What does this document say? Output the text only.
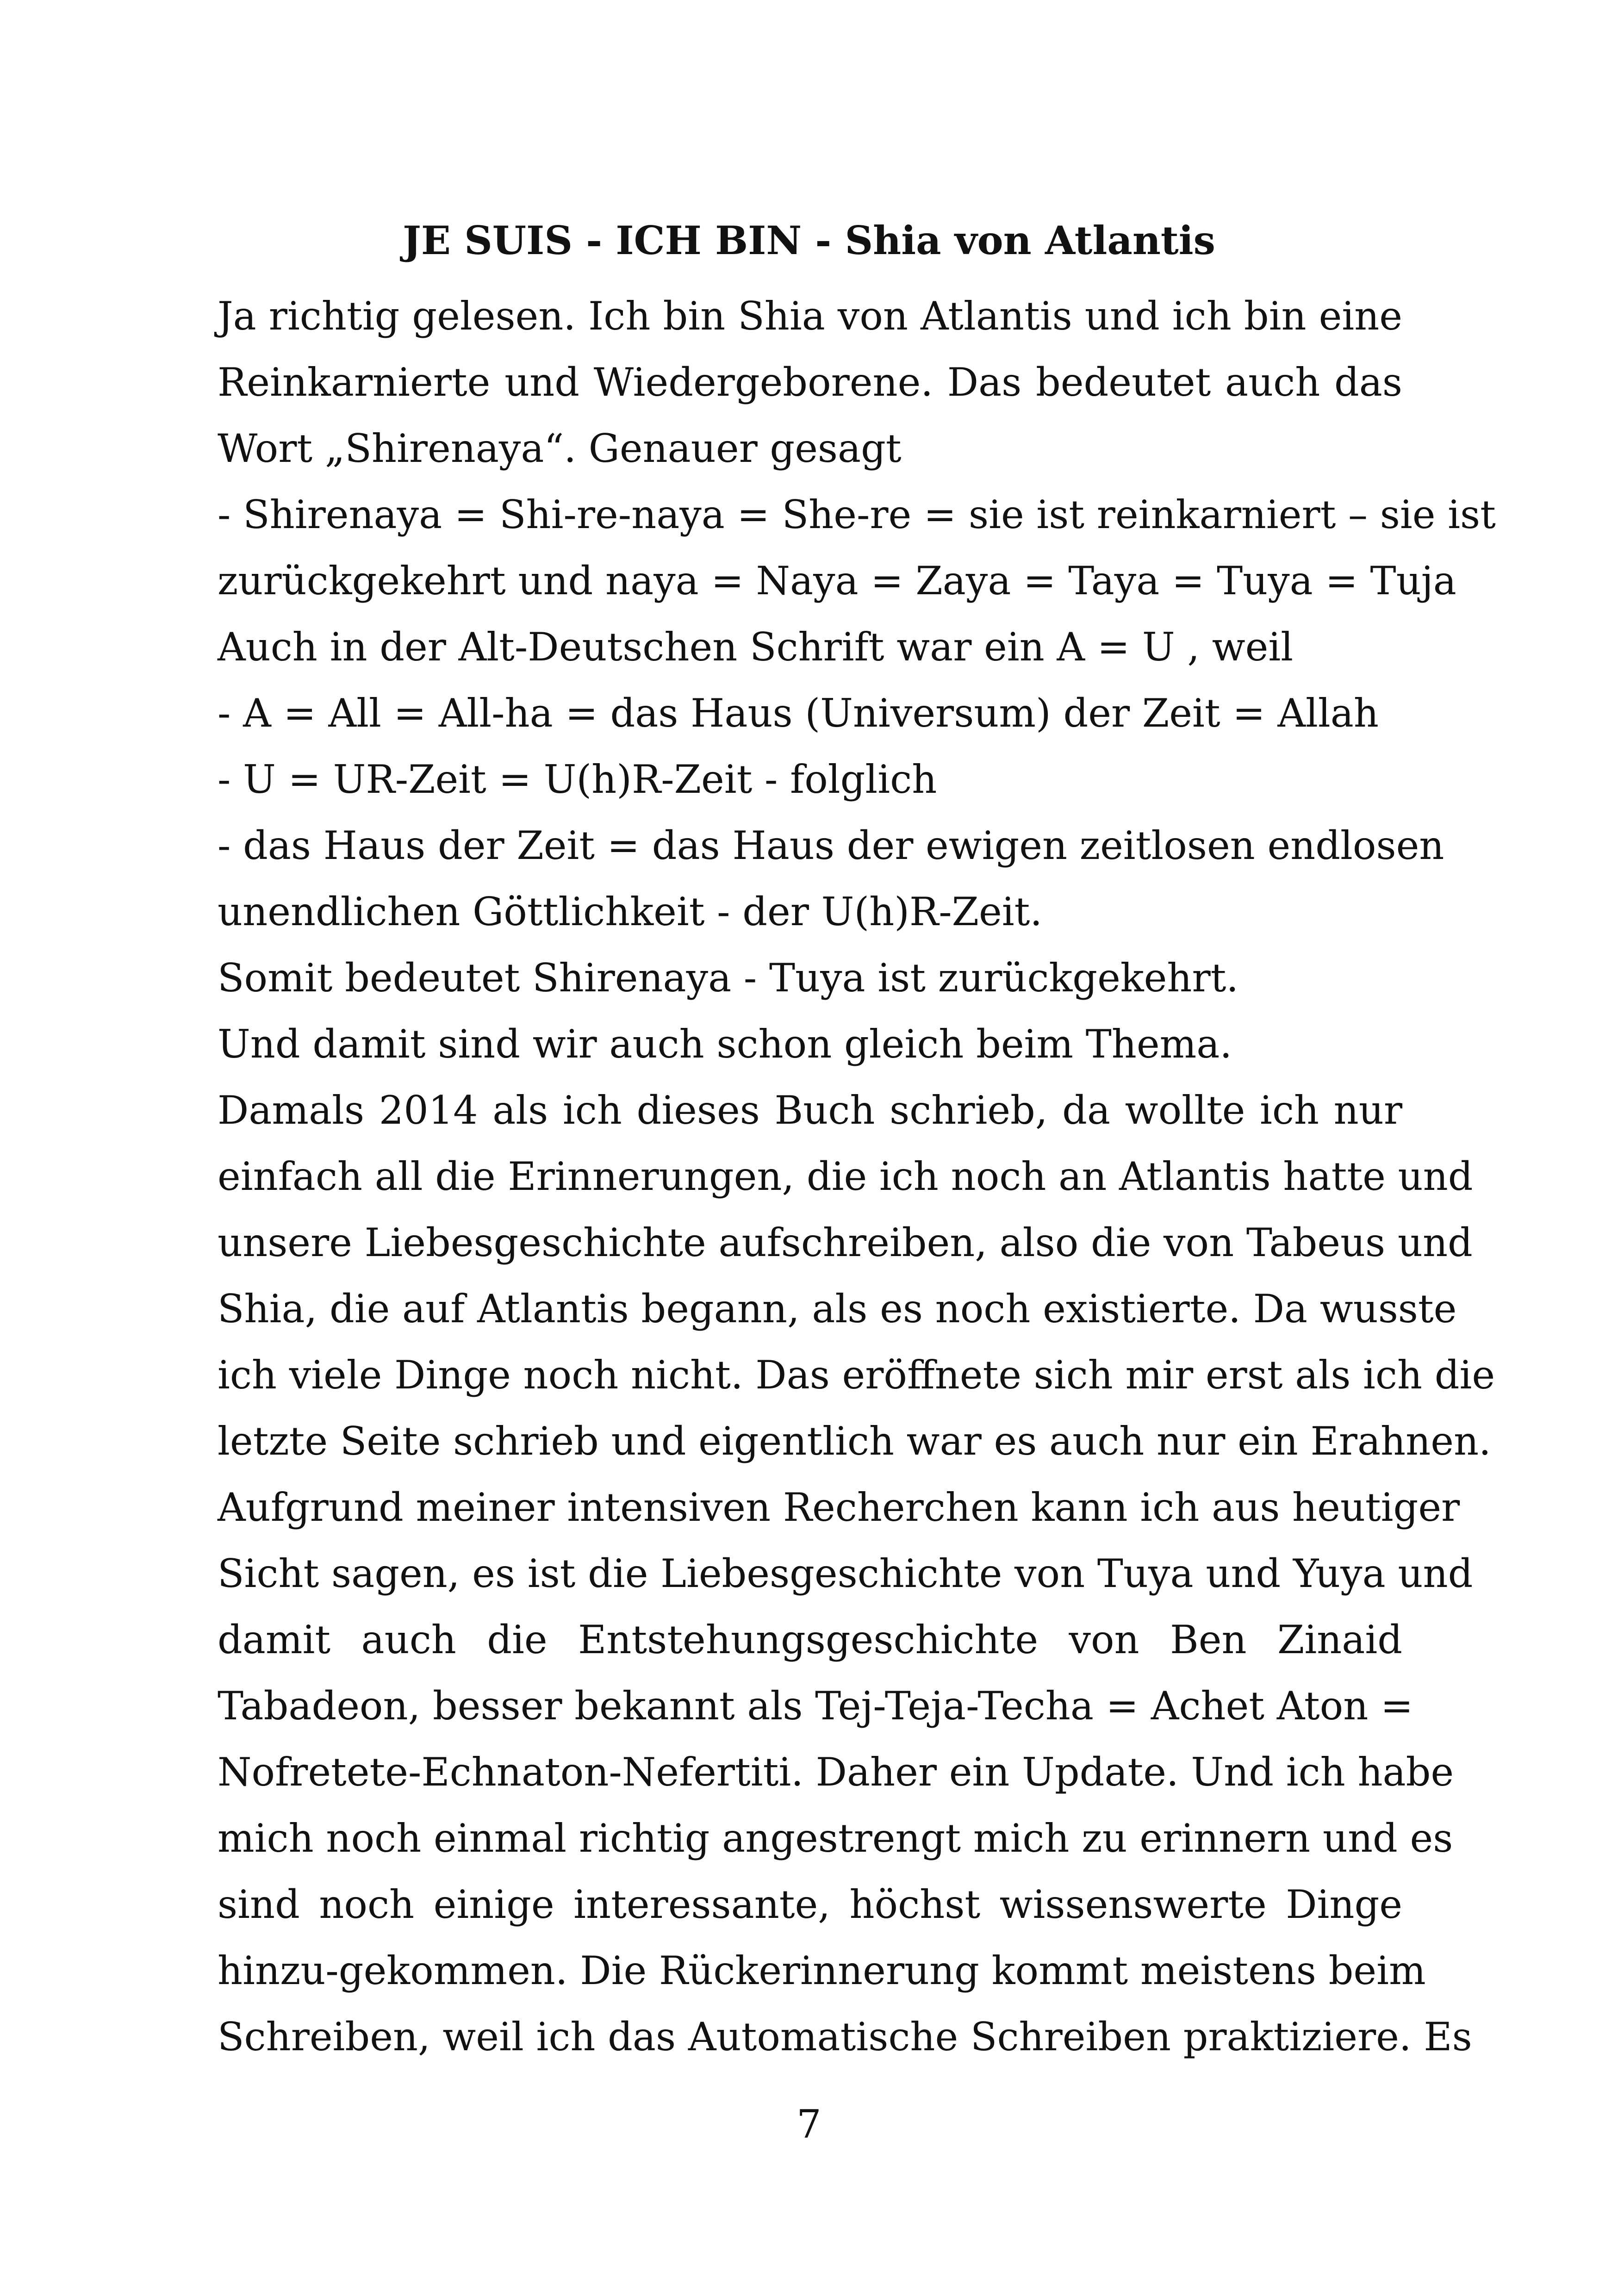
JE SUIS - ICH BIN - Shia von Atlantis
Ja richtig gelesen. Ich bin Shia von Atlantis und ich bin eine
Reinkarnierte und Wiedergeborene. Das bedeutet auch das
Wort „Shirenaya“. Genauer gesagt
- Shirenaya = Shi-re-naya = She-re = sie ist reinkarniert – sie ist
zurückgekehrt und naya = Naya = Zaya = Taya = Tuya = Tuja
Auch in der Alt-Deutschen Schrift war ein A = U , weil
- A = All = All-ha = das Haus (Universum) der Zeit = Allah
- U = UR-Zeit = U(h)R-Zeit - folglich
- das Haus der Zeit = das Haus der ewigen zeitlosen endlosen
unendlichen Göttlichkeit - der U(h)R-Zeit.
Somit bedeutet Shirenaya - Tuya ist zurückgekehrt.
Und damit sind wir auch schon gleich beim Thema.
Damals 2014 als ich dieses Buch schrieb, da wollte ich nur
einfach all die Erinnerungen, die ich noch an Atlantis hatte und
unsere Liebesgeschichte aufschreiben, also die von Tabeus und
Shia, die auf Atlantis begann, als es noch existierte. Da wusste
ich viele Dinge noch nicht. Das eröffnete sich mir erst als ich die
letzte Seite schrieb und eigentlich war es auch nur ein Erahnen.
Aufgrund meiner intensiven Recherchen kann ich aus heutiger
Sicht sagen, es ist die Liebesgeschichte von Tuya und Yuya und
damit auch die Entstehungsgeschichte von Ben Zinaid
Tabadeon, besser bekannt als Tej-Teja-Techa = Achet Aton =
Nofretete-Echnaton-Nefertiti. Daher ein Update. Und ich habe
mich noch einmal richtig angestrengt mich zu erinnern und es
sind noch einige interessante, höchst wissenswerte Dinge
hinzu-gekommen. Die Rückerinnerung kommt meistens beim
Schreiben, weil ich das Automatische Schreiben praktiziere. Es
7
